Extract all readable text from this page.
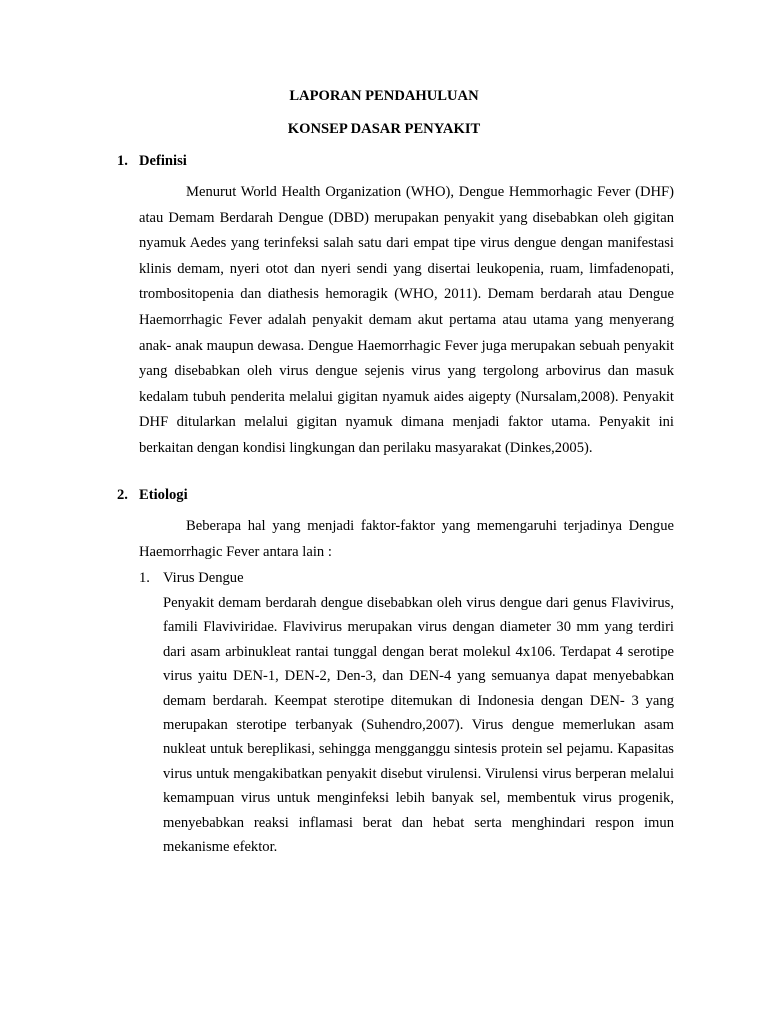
LAPORAN PENDAHULUAN
KONSEP DASAR PENYAKIT
1. Definisi

Menurut World Health Organization (WHO), Dengue Hemmorhagic Fever (DHF) atau Demam Berdarah Dengue (DBD) merupakan penyakit yang disebabkan oleh gigitan nyamuk Aedes yang terinfeksi salah satu dari empat tipe virus dengue dengan manifestasi klinis demam, nyeri otot dan nyeri sendi yang disertai leukopenia, ruam, limfadenopati, trombositopenia dan diathesis hemoragik (WHO, 2011). Demam berdarah atau Dengue Haemorrhagic Fever adalah penyakit demam akut pertama atau utama yang menyerang anak- anak maupun dewasa. Dengue Haemorrhagic Fever juga merupakan sebuah penyakit yang disebabkan oleh virus dengue sejenis virus yang tergolong arbovirus dan masuk kedalam tubuh penderita melalui gigitan nyamuk aides aigepty (Nursalam,2008). Penyakit DHF ditularkan melalui gigitan nyamuk dimana menjadi faktor utama. Penyakit ini berkaitan dengan kondisi lingkungan dan perilaku masyarakat (Dinkes,2005).

2. Etiologi

Beberapa hal yang menjadi faktor-faktor yang memengaruhi terjadinya Dengue Haemorrhagic Fever antara lain :

1. Virus Dengue

Penyakit demam berdarah dengue disebabkan oleh virus dengue dari genus Flavivirus, famili Flaviviridae. Flavivirus merupakan virus dengan diameter 30 mm yang terdiri dari asam arbinukleat rantai tunggal dengan berat molekul 4x106. Terdapat 4 serotipe virus yaitu DEN-1, DEN-2, Den-3, dan DEN-4 yang semuanya dapat menyebabkan demam berdarah. Keempat sterotipe ditemukan di Indonesia dengan DEN- 3 yang merupakan sterotipe terbanyak (Suhendro,2007). Virus dengue memerlukan asam nukleat untuk bereplikasi, sehingga mengganggu sintesis protein sel pejamu. Kapasitas virus untuk mengakibatkan penyakit disebut virulensi. Virulensi virus berperan melalui kemampuan virus untuk menginfeksi lebih banyak sel, membentuk virus progenik, menyebabkan reaksi inflamasi berat dan hebat serta menghindari respon imun mekanisme efektor.
